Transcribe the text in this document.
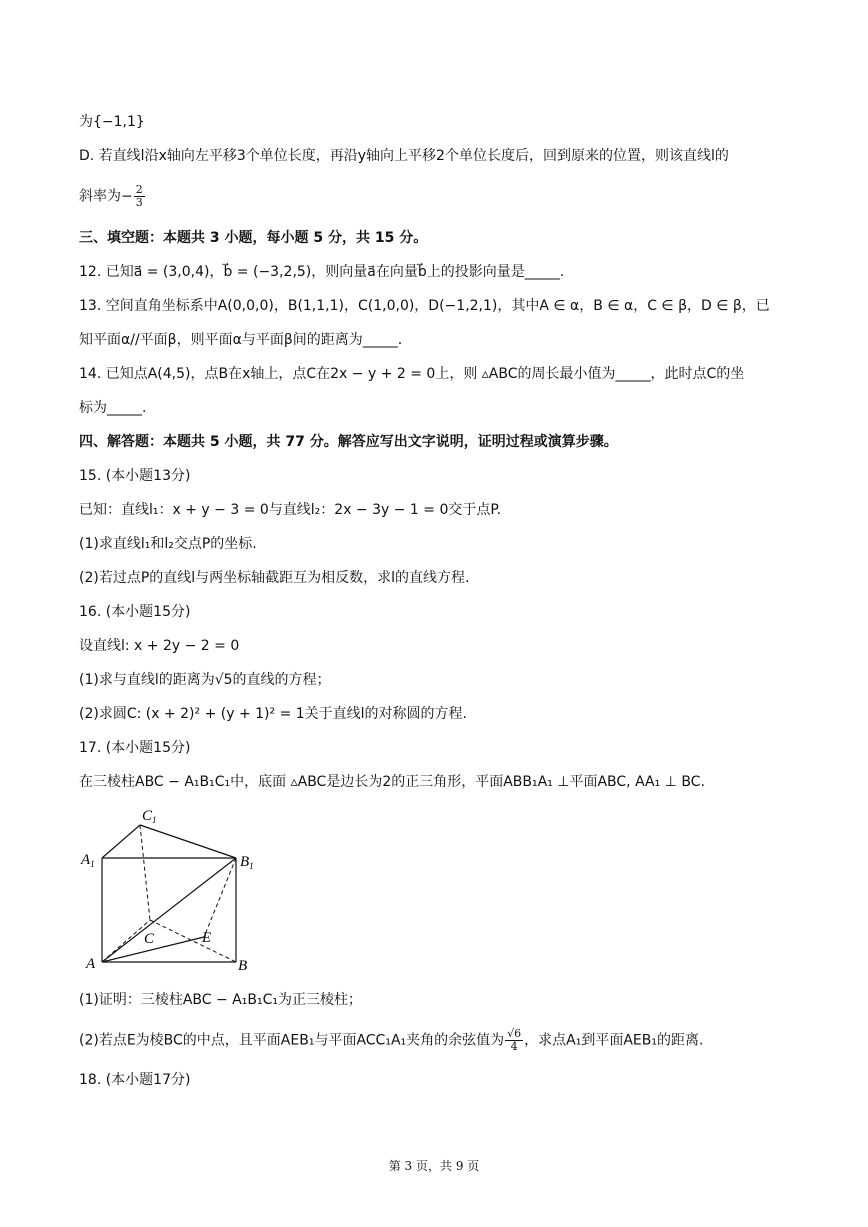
为{−1,1}
D. 若直线l沿x轴向左平移3个单位长度，再沿y轴向上平移2个单位长度后，回到原来的位置，则该直线l的
斜率为− $\frac{2}{3}$
三、填空题：本题共 3 小题，每小题 5 分，共 15 分。
12. 已知a⃗ = (3,0,4)，b⃗ = (−3,2,5)，则向量a⃗在向量b⃗上的投影向量是_____.
13. 空间直角坐标系中A(0,0,0)，B(1,1,1)，C(1,0,0)，D(−1,2,1)，其中A ∈ α，B ∈ α，C ∈ β，D ∈ β，已
知平面α//平面β，则平面α与平面β间的距离为_____.
14. 已知点A(4,5)，点B在x轴上，点C在2x − y + 2 = 0上，则 ▵ABC的周长最小值为_____，此时点C的坐
标为_____.
四、解答题：本题共 5 小题，共 77 分。解答应写出文字说明，证明过程或演算步骤。
15. (本小题13分)
已知：直线l₁：x + y − 3 = 0与直线l₂：2x − 3y − 1 = 0交于点P.
(1)求直线l₁和l₂交点P的坐标.
(2)若过点P的直线l与两坐标轴截距互为相反数，求l的直线方程.
16. (本小题15分)
设直线l: x + 2y − 2 = 0
(1)求与直线l的距离为√5的直线的方程；
(2)求圆C: (x + 2)² + (y + 1)² = 1关于直线l的对称圆的方程.
17. (本小题15分)
在三棱柱ABC − A₁B₁C₁中，底面 ▵ABC是边长为2的正三角形，平面ABB₁A₁ ⊥平面ABC, AA₁ ⊥ BC.
$C_1$
$A_1$	$B_1$
C	E
A	B
(1)证明：三棱柱ABC − A₁B₁C₁为正三棱柱；
(2)若点E为棱BC的中点，且平面AEB₁与平面ACC₁A₁夹角的余弦值为 $\frac{√6}{4}$ ，求点A₁到平面AEB₁的距离.
18. (本小题17分)
第 3 页，共 9 页
